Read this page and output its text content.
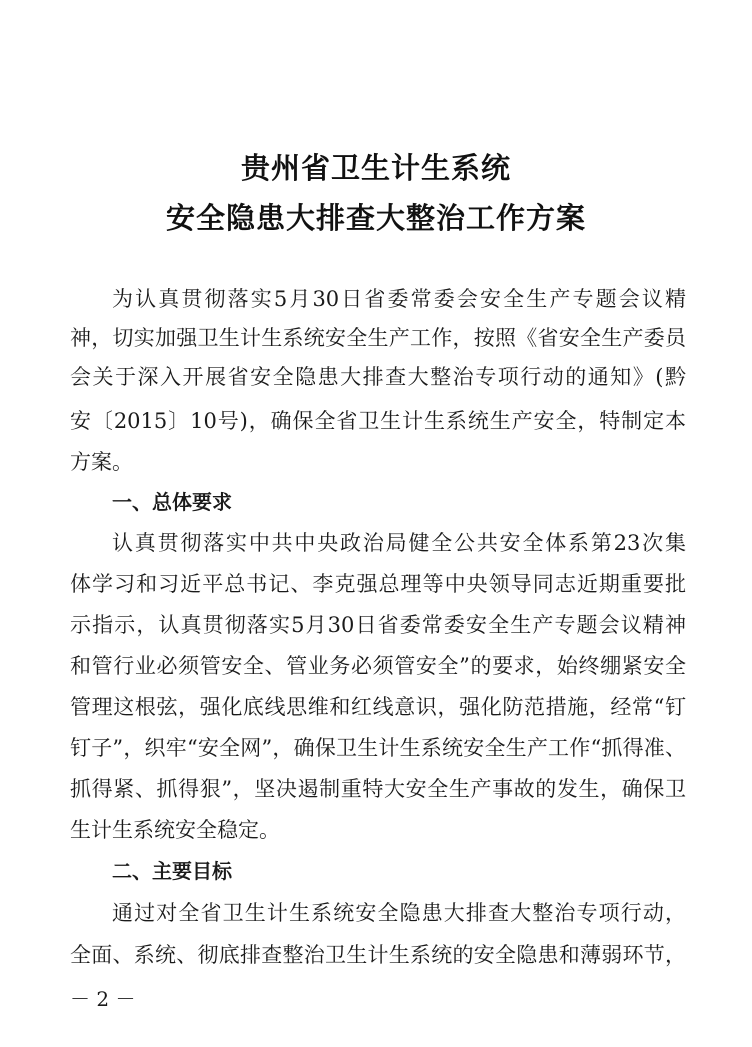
贵州省卫生计生系统
安全隐患大排查大整治工作方案
为认真贯彻落实5月30日省委常委会安全生产专题会议精
神，切实加强卫生计生系统安全生产工作，按照《省安全生产委员
会关于深入开展省安全隐患大排查大整治专项行动的通知》(黔
安〔2015〕10号)，确保全省卫生计生系统生产安全，特制定本
方案。
一、总体要求
认真贯彻落实中共中央政治局健全公共安全体系第23次集
体学习和习近平总书记、李克强总理等中央领导同志近期重要批
示指示，认真贯彻落实5月30日省委常委安全生产专题会议精神
和管行业必须管安全、管业务必须管安全”的要求，始终绷紧安全
管理这根弦，强化底线思维和红线意识，强化防范措施，经常“钉
钉子”，织牢“安全网”，确保卫生计生系统安全生产工作“抓得准、
抓得紧、抓得狠”，坚决遏制重特大安全生产事故的发生，确保卫
生计生系统安全稳定。
二、主要目标
通过对全省卫生计生系统安全隐患大排查大整治专项行动，
全面、系统、彻底排查整治卫生计生系统的安全隐患和薄弱环节，
－ 2 －
